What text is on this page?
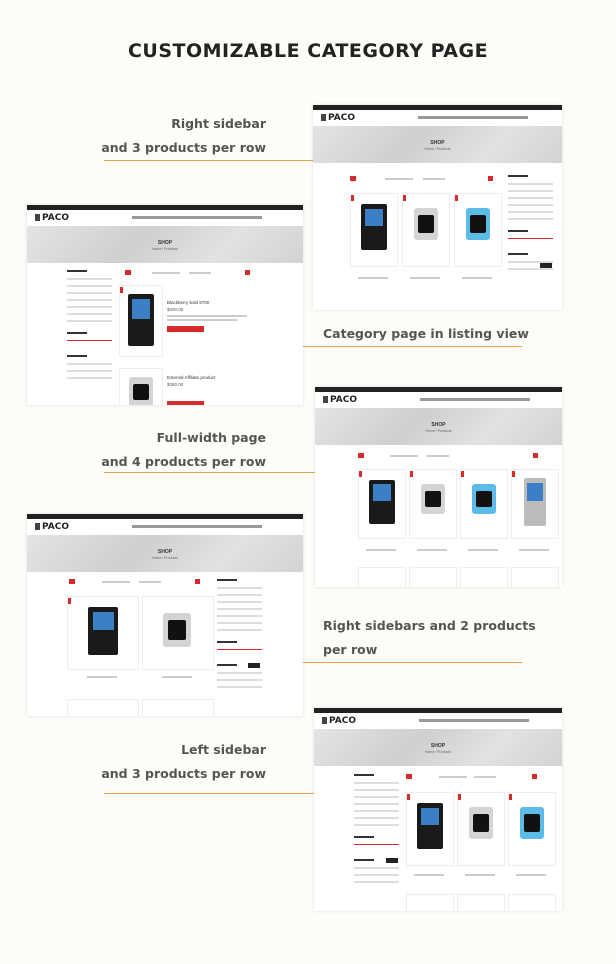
CUSTOMIZABLE CATEGORY PAGE
Right sidebar
and 3 products per row
Category page in listing view
Full-width page
and 4 products per row
Right sidebars and 2 products
per row
Left sidebar
and 3 products per row
PACO
SHOP
Home / Products
PACO
SHOP
Home / Products
Blackberry bold 9700
$200.00
External Affiliate product
$350.00
PACO
SHOP
Home / Products
PACO
SHOP
Home / Products
PACO
SHOP
Home / Products
